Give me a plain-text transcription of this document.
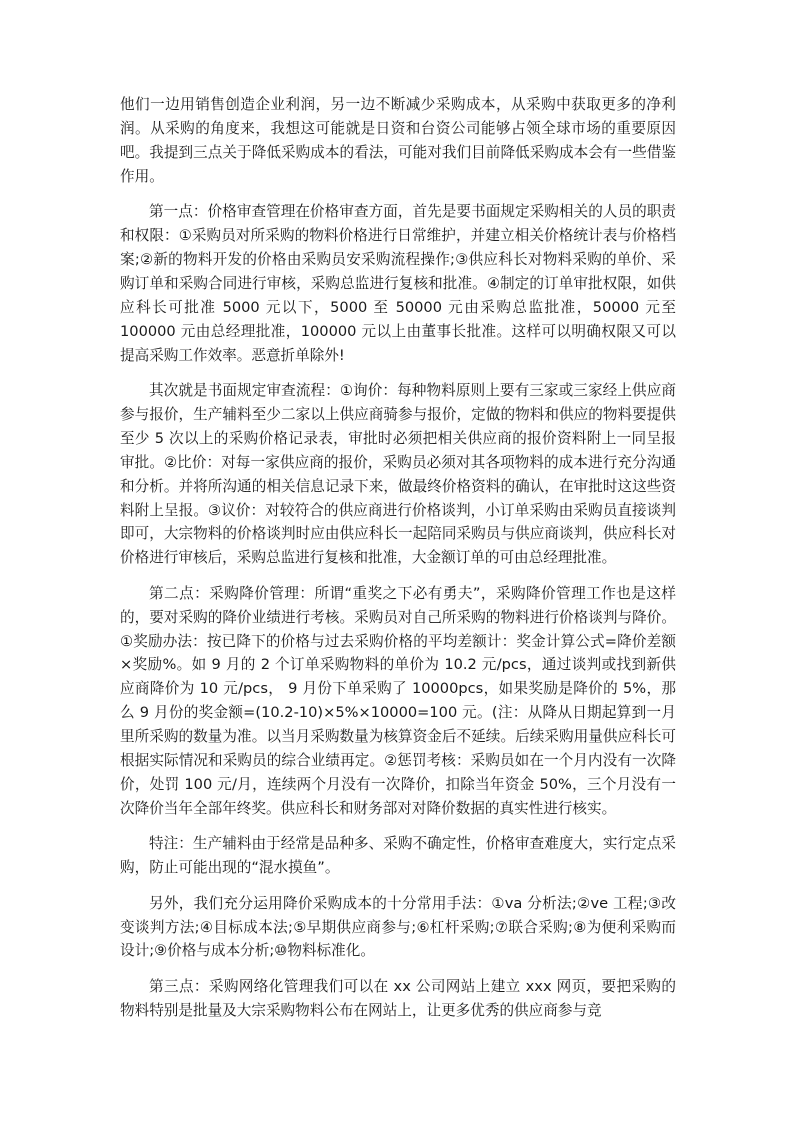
他们一边用销售创造企业利润，另一边不断减少采购成本，从采购中获取更多的净利润。从采购的角度来，我想这可能就是日资和台资公司能够占领全球市场的重要原因吧。我提到三点关于降低采购成本的看法，可能对我们目前降低采购成本会有一些借鉴作用。

第一点：价格审查管理在价格审查方面，首先是要书面规定采购相关的人员的职责和权限：①采购员对所采购的物料价格进行日常维护，并建立相关价格统计表与价格档案;②新的物料开发的价格由采购员安采购流程操作;③供应科长对物料采购的单价、采购订单和采购合同进行审核，采购总监进行复核和批准。④制定的订单审批权限，如供应科长可批准 5000 元以下，5000 至 50000 元由采购总监批准，50000 元至 100000 元由总经理批准，100000 元以上由董事长批准。这样可以明确权限又可以提高采购工作效率。恶意折单除外!

其次就是书面规定审查流程：①询价：每种物料原则上要有三家或三家经上供应商参与报价，生产辅料至少二家以上供应商骑参与报价，定做的物料和供应的物料要提供至少 5 次以上的采购价格记录表，审批时必须把相关供应商的报价资料附上一同呈报审批。②比价：对每一家供应商的报价，采购员必须对其各项物料的成本进行充分沟通和分析。并将所沟通的相关信息记录下来，做最终价格资料的确认，在审批时这这些资料附上呈报。③议价：对较符合的供应商进行价格谈判，小订单采购由采购员直接谈判即可，大宗物料的价格谈判时应由供应科长一起陪同采购员与供应商谈判，供应科长对价格进行审核后，采购总监进行复核和批准，大金额订单的可由总经理批准。

第二点：采购降价管理：所谓“重奖之下必有勇夫”，采购降价管理工作也是这样的，要对采购的降价业绩进行考核。采购员对自己所采购的物料进行价格谈判与降价。①奖励办法：按已降下的价格与过去采购价格的平均差额计：奖金计算公式=降价差额×奖励%。如 9 月的 2 个订单采购物料的单价为 10.2 元/pcs，通过谈判或找到新供应商降价为 10 元/pcs， 9 月份下单采购了 10000pcs，如果奖励是降价的 5%，那么 9 月份的奖金额=(10.2-10)×5%×10000=100 元。(注：从降从日期起算到一月里所采购的数量为准。以当月采购数量为核算资金后不延续。后续采购用量供应科长可根据实际情况和采购员的综合业绩再定。②惩罚考核：采购员如在一个月内没有一次降价，处罚 100 元/月，连续两个月没有一次降价，扣除当年资金 50%，三个月没有一次降价当年全部年终奖。供应科长和财务部对对降价数据的真实性进行核实。

特注：生产辅料由于经常是品种多、采购不确定性，价格审查难度大，实行定点采购，防止可能出现的“混水摸鱼”。

另外，我们充分运用降价采购成本的十分常用手法：①va 分析法;②ve 工程;③改变谈判方法;④目标成本法;⑤早期供应商参与;⑥杠杆采购;⑦联合采购;⑧为便利采购而设计;⑨价格与成本分析;⑩物料标准化。

第三点：采购网络化管理我们可以在 xx 公司网站上建立 xxx 网页，要把采购的物料特别是批量及大宗采购物料公布在网站上，让更多优秀的供应商参与竞
